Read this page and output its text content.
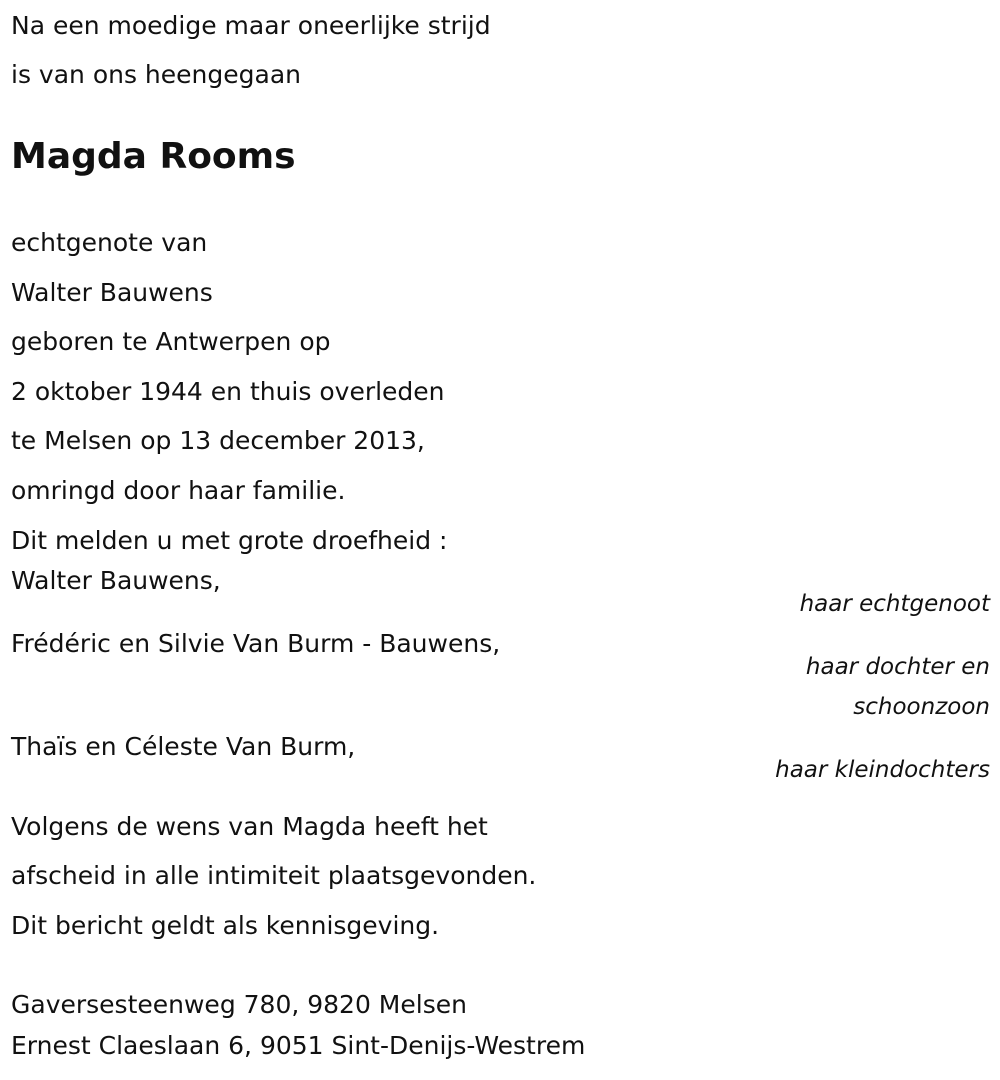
Na een moedige maar oneerlijke strijd
is van ons heengegaan
Magda Rooms
echtgenote van
Walter Bauwens
geboren te Antwerpen op
2 oktober 1944 en thuis overleden
te Melsen op 13 december 2013,
omringd door haar familie.
Dit melden u met grote droefheid :
Walter Bauwens,
haar echtgenoot
Frédéric en Silvie Van Burm - Bauwens,
haar dochter en
schoonzoon
Thaïs en Céleste Van Burm,
haar kleindochters
Volgens de wens van Magda heeft het
afscheid in alle intimiteit plaatsgevonden.
Dit bericht geldt als kennisgeving.
Gaversesteenweg 780, 9820 Melsen
Ernest Claeslaan 6, 9051 Sint-Denijs-Westrem
